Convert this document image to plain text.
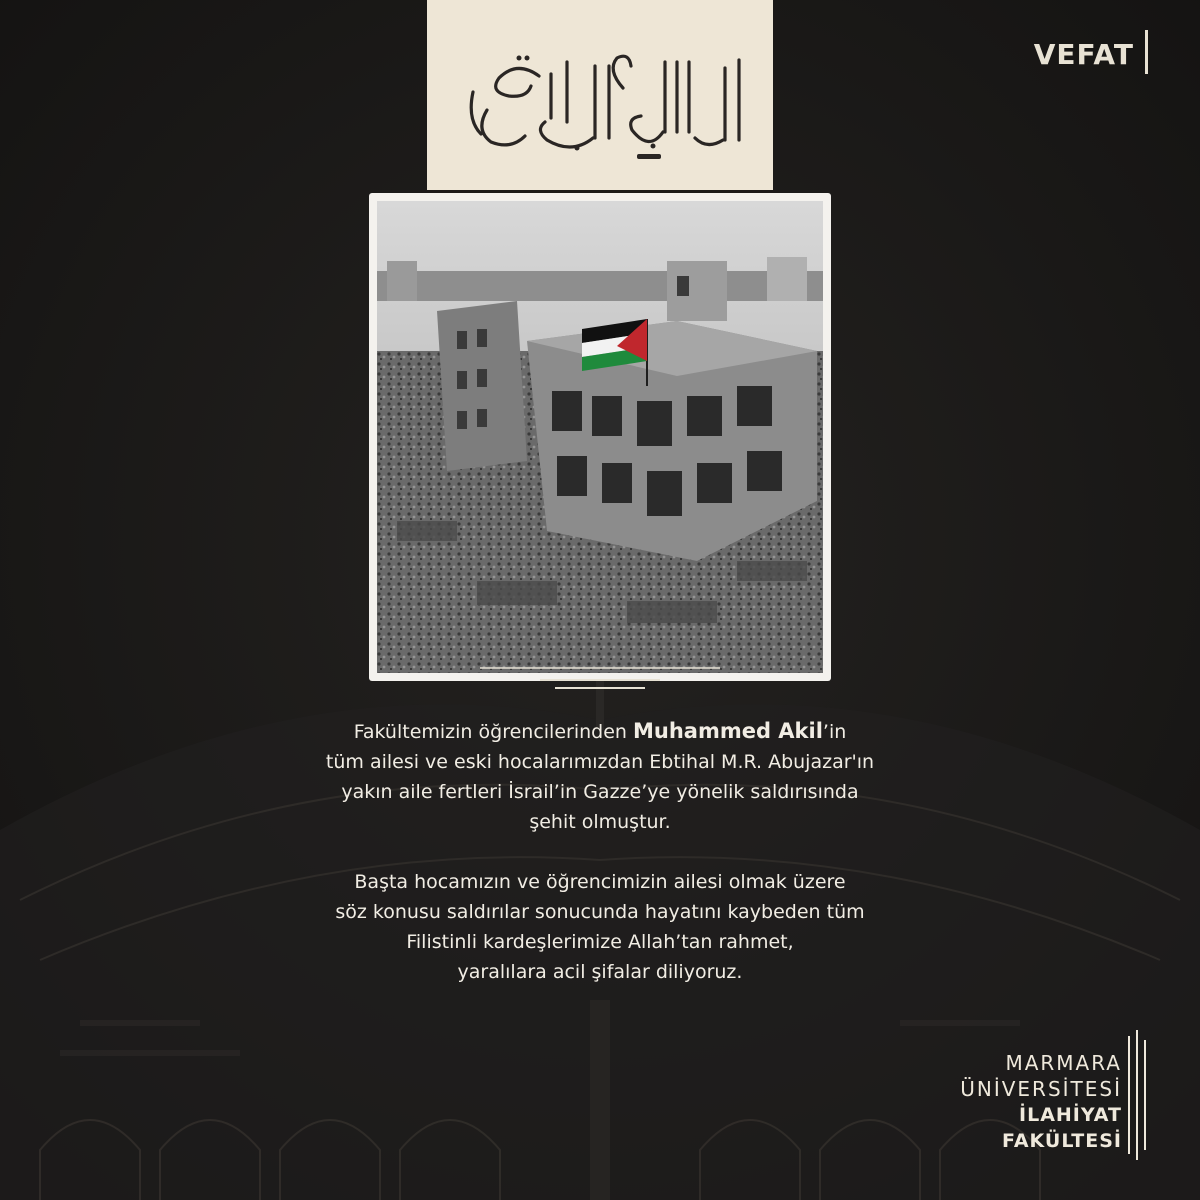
VEFAT

Fakültemizin öğrencilerinden Muhammed Akil’in

tüm ailesi ve eski hocalarımızdan Ebtihal M.R. Abujazar'ın

yakın aile fertleri İsrail’in Gazze’ye yönelik saldırısında

şehit olmuştur.

Başta hocamızın ve öğrencimizin ailesi olmak üzere

söz konusu saldırılar sonucunda hayatını kaybeden tüm

Filistinli kardeşlerimize Allah’tan rahmet,

yaralılara acil şifalar diliyoruz.

MARMARA
ÜNİVERSİTESİ
İLAHİYAT
FAKÜLTESİ
